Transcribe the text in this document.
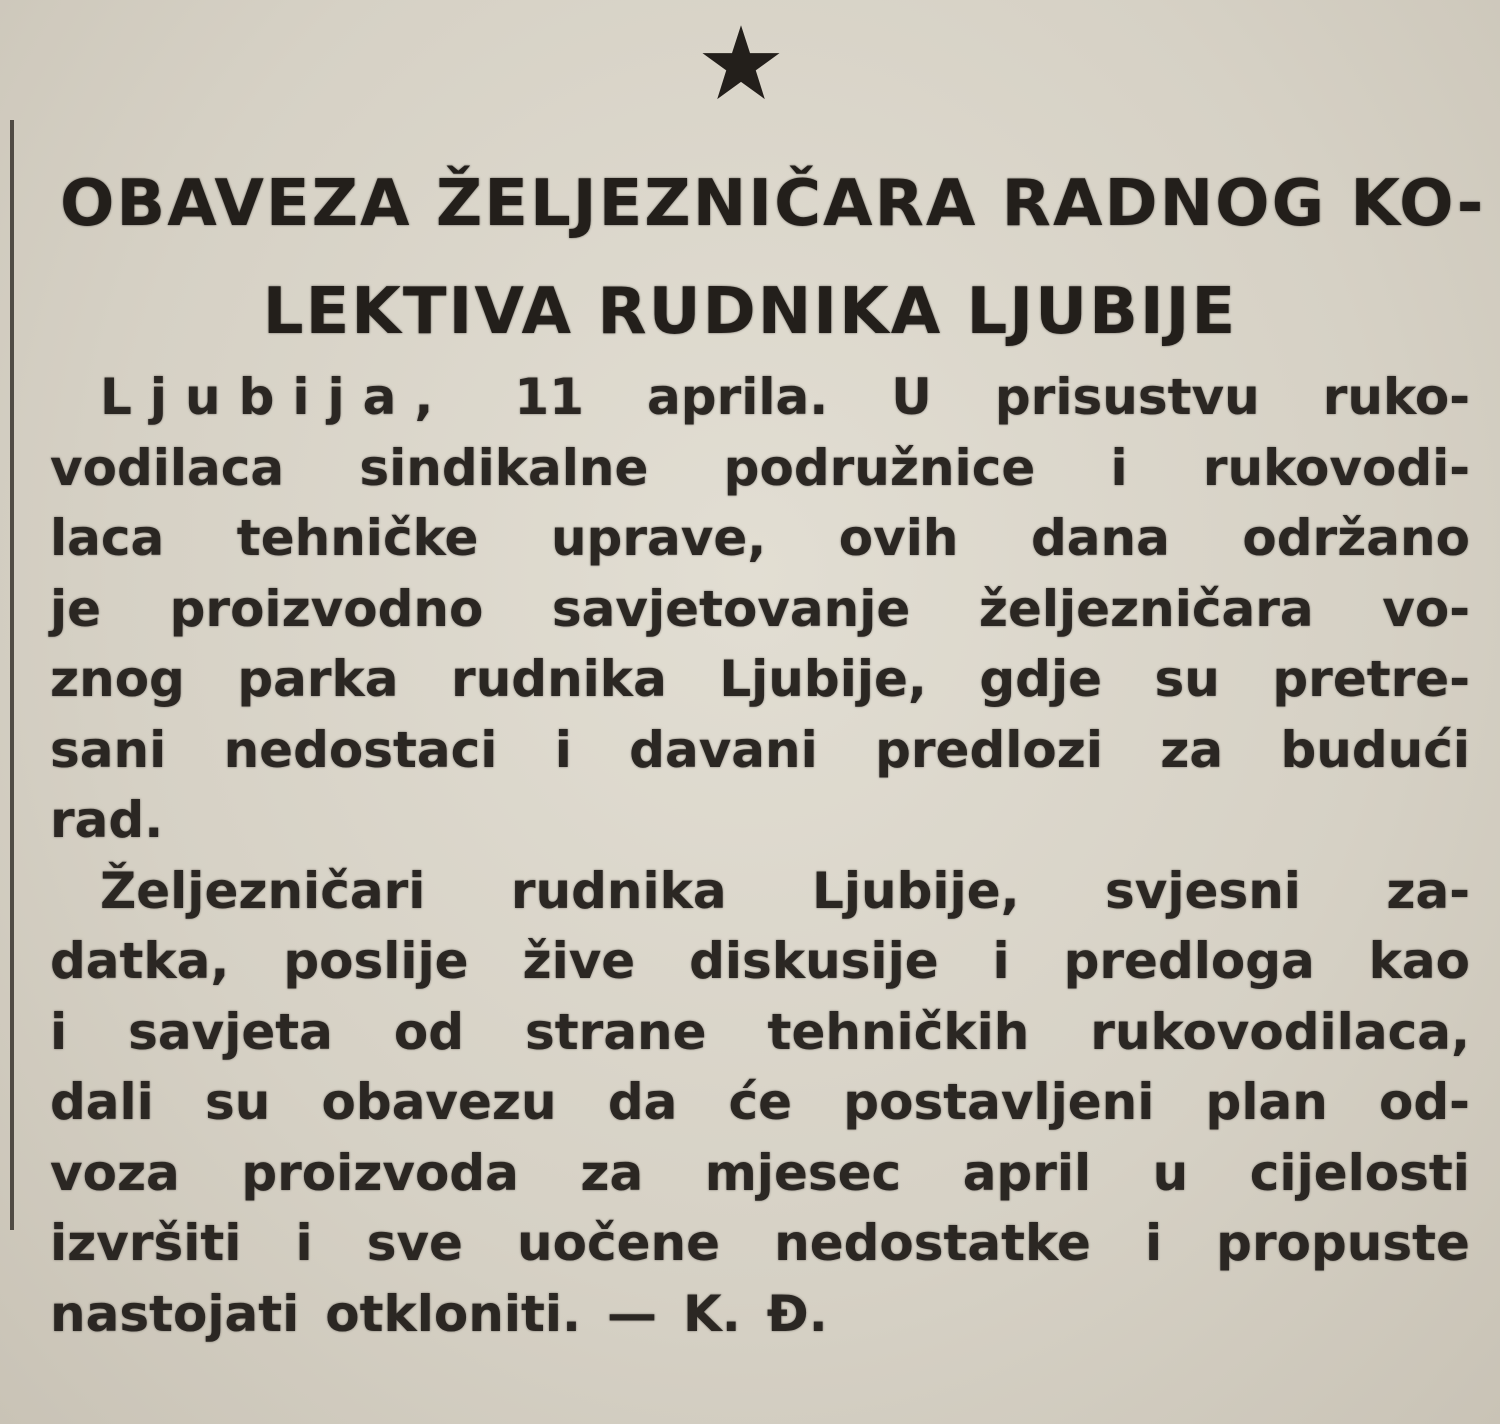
OBAVEZA ŽELJEZNIČARA RADNOG KO-
LEKTIVA RUDNIKA LJUBIJE
Ljubija, 11 aprila. U prisustvu ruko-
vodilaca sindikalne podružnice i rukovodi-
laca tehničke uprave, ovih dana održano
je proizvodno savjetovanje željezničara vo-
znog parka rudnika Ljubije, gdje su pretre-
sani nedostaci i davani predlozi za budući
rad.
Željezničari rudnika Ljubije, svjesni za-
datka, poslije žive diskusije i predloga kao
i savjeta od strane tehničkih rukovodilaca,
dali su obavezu da će postavljeni plan od-
voza proizvoda za mjesec april u cijelosti
izvršiti i sve uočene nedostatke i propuste
nastojati otkloniti. — K. Đ.
